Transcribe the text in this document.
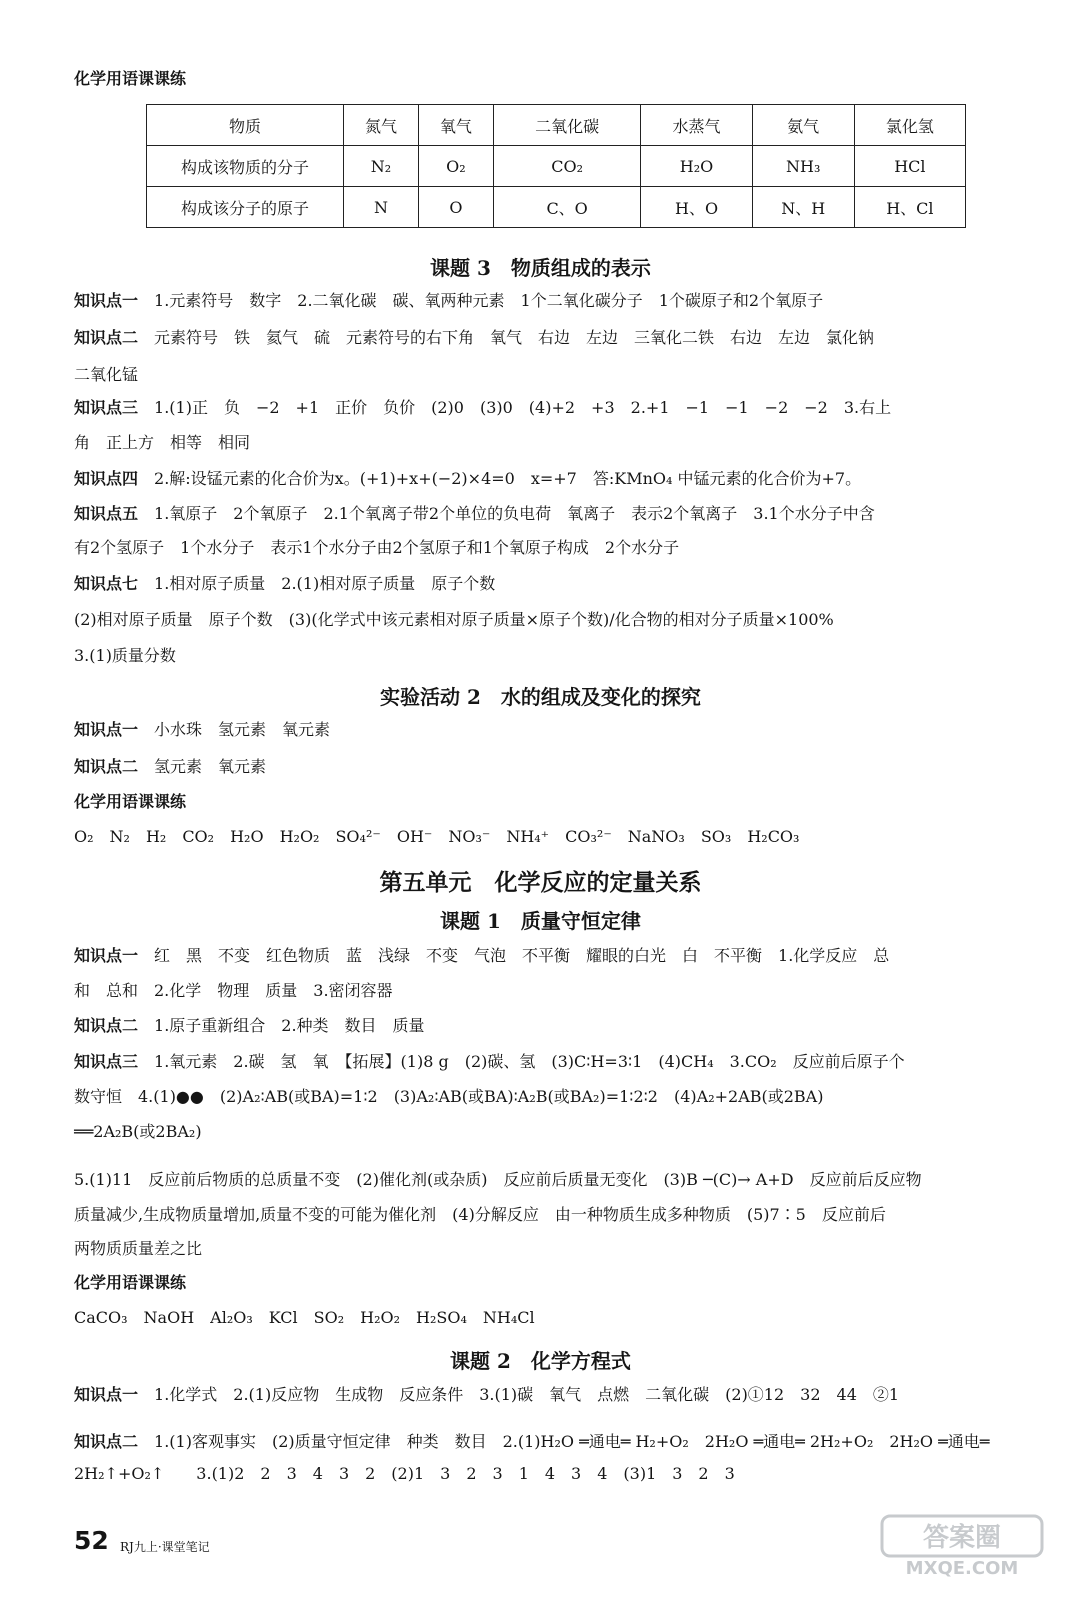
化学用语课课练
物质	氮气	氧气	二氧化碳	水蒸气	氨气	氯化氢
构成该物质的分子	N₂	O₂	CO₂	H₂O	NH₃	HCl
构成该分子的原子	N	O	C、O	H、O	N、H	H、Cl
课题 3　物质组成的表示
知识点一 1.元素符号　数字　2.二氧化碳　碳、氧两种元素　1个二氧化碳分子　1个碳原子和2个氧原子
知识点二 元素符号　铁　氦气　硫　元素符号的右下角　氧气　右边　左边　三氧化二铁　右边　左边　氯化钠
二氧化锰
知识点三 1.(1)正　负　−2　+1　正价　负价　(2)0　(3)0　(4)+2　+3　2.+1　−1　−1　−2　−2　3.右上
角　正上方　相等　相同
知识点四 2.解:设锰元素的化合价为x。(+1)+x+(−2)×4=0　x=+7　答:KMnO₄ 中锰元素的化合价为+7。
知识点五 1.氧原子　2个氧原子　2.1个氧离子带2个单位的负电荷　氧离子　表示2个氧离子　3.1个水分子中含
有2个氢原子　1个水分子　表示1个水分子由2个氢原子和1个氧原子构成　2个水分子
知识点七 1.相对原子质量　2.(1)相对原子质量　原子个数
(2)相对原子质量　原子个数　(3)(化学式中该元素相对原子质量×原子个数)/化合物的相对分子质量×100%
3.(1)质量分数
实验活动 2　水的组成及变化的探究
知识点一 小水珠　氢元素　氧元素
知识点二 氢元素　氧元素
化学用语课课练
O₂　N₂　H₂　CO₂　H₂O　H₂O₂　SO₄²⁻　OH⁻　NO₃⁻　NH₄⁺　CO₃²⁻　NaNO₃　SO₃　H₂CO₃
第五单元　化学反应的定量关系
课题 1　质量守恒定律
知识点一 红　黑　不变　红色物质　蓝　浅绿　不变　气泡　不平衡　耀眼的白光　白　不平衡　1.化学反应　总
和　总和　2.化学　物理　质量　3.密闭容器
知识点二 1.原子重新组合　2.种类　数目　质量
知识点三 1.氧元素　2.碳　氢　氧　【拓展】(1)8 g　(2)碳、氢　(3)C∶H=3∶1　(4)CH₄　3.CO₂　反应前后原子个
数守恒　4.(1)●●　(2)A₂∶AB(或BA)=1∶2　(3)A₂∶AB(或BA)∶A₂B(或BA₂)=1∶2∶2　(4)A₂+2AB(或2BA)
══2A₂B(或2BA₂)
5.(1)11　反应前后物质的总质量不变　(2)催化剂(或杂质)　反应前后质量无变化　(3)B ─(C)→ A+D　反应前后反应物
质量减少,生成物质量增加,质量不变的可能为催化剂　(4)分解反应　由一种物质生成多种物质　(5)7∶5　反应前后
两物质质量差之比
化学用语课课练
CaCO₃　NaOH　Al₂O₃　KCl　SO₂　H₂O₂　H₂SO₄　NH₄Cl
课题 2　化学方程式
知识点一 1.化学式　2.(1)反应物　生成物　反应条件　3.(1)碳　氧气　点燃　二氧化碳　(2)①12　32　44　②1
知识点二 1.(1)客观事实　(2)质量守恒定律　种类　数目　2.(1)H₂O ═通电═ H₂+O₂　2H₂O ═通电═ 2H₂+O₂　2H₂O ═通电═
2H₂↑+O₂↑　　3.(1)2　2　3　4　3　2　(2)1　3　2　3　1　4　3　4　(3)1　3　2　3
52 RJ九上·课堂笔记	答案圈
MXQE.COM
